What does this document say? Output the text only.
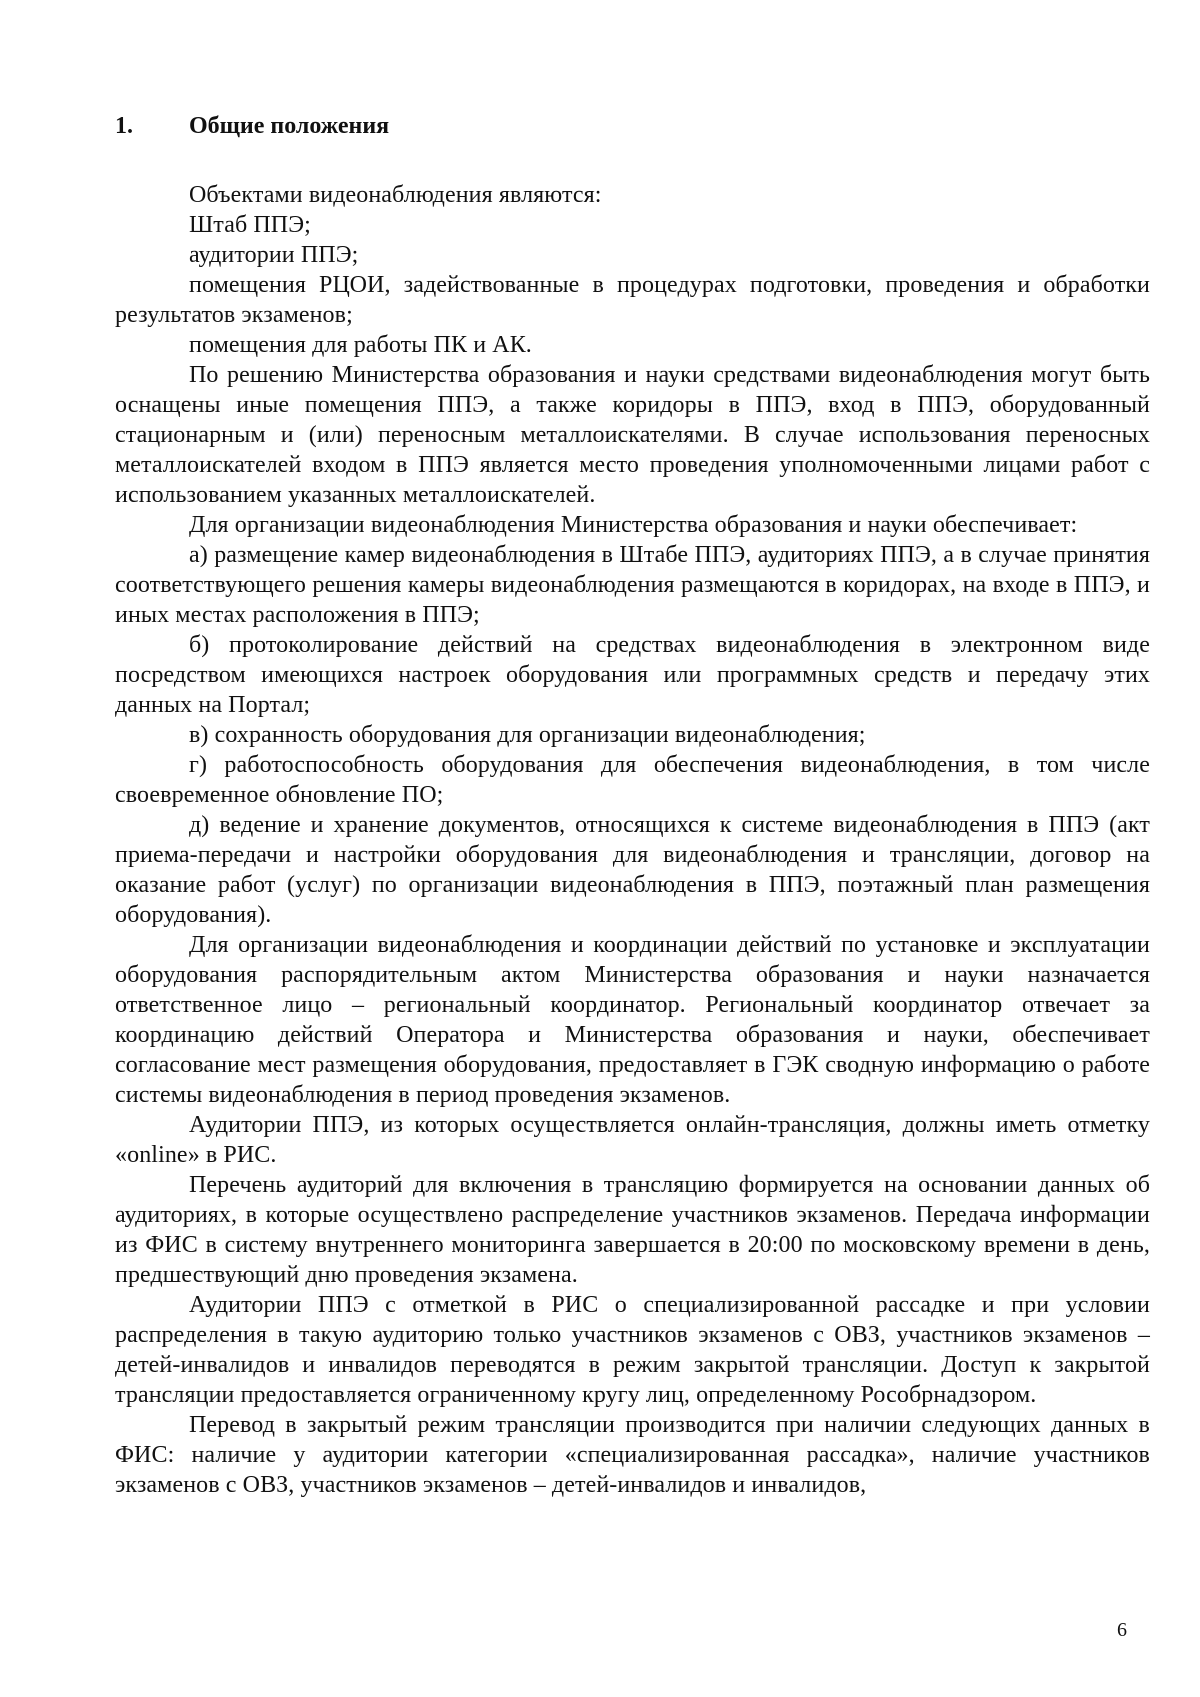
1.	Общие положения

Объектами видеонаблюдения являются:

Штаб ППЭ;

аудитории ППЭ;

помещения РЦОИ, задействованные в процедурах подготовки, проведения и обработки результатов экзаменов;

помещения для работы ПК и АК.

По решению Министерства образования и науки средствами видеонаблюдения могут быть оснащены иные помещения ППЭ, а также коридоры в ППЭ, вход в ППЭ, оборудованный стационарным и (или) переносным металлоискателями. В случае использования переносных металлоискателей входом в ППЭ является место проведения уполномоченными лицами работ с использованием указанных металлоискателей.

Для организации видеонаблюдения Министерства образования и науки обеспечивает:

а) размещение камер видеонаблюдения в Штабе ППЭ, аудиториях ППЭ, а в случае принятия соответствующего решения камеры видеонаблюдения размещаются в коридорах, на входе в ППЭ, и иных местах расположения в ППЭ;

б) протоколирование действий на средствах видеонаблюдения в электронном виде посредством имеющихся настроек оборудования или программных средств и передачу этих данных на Портал;

в) сохранность оборудования для организации видеонаблюдения;

г) работоспособность оборудования для обеспечения видеонаблюдения, в том числе своевременное обновление ПО;

д) ведение и хранение документов, относящихся к системе видеонаблюдения в ППЭ (акт приема-передачи и настройки оборудования для видеонаблюдения и трансляции, договор на оказание работ (услуг) по организации видеонаблюдения в ППЭ, поэтажный план размещения оборудования).

Для организации видеонаблюдения и координации действий по установке и эксплуатации оборудования распорядительным актом Министерства образования и науки назначается ответственное лицо – региональный координатор. Региональный координатор отвечает за координацию действий Оператора и Министерства образования и науки, обеспечивает согласование мест размещения оборудования, предоставляет в ГЭК сводную информацию о работе системы видеонаблюдения в период проведения экзаменов.

Аудитории ППЭ, из которых осуществляется онлайн-трансляция, должны иметь отметку «online» в РИС.

Перечень аудиторий для включения в трансляцию формируется на основании данных об аудиториях, в которые осуществлено распределение участников экзаменов. Передача информации из ФИС в систему внутреннего мониторинга завершается в 20:00 по московскому времени в день, предшествующий дню проведения экзамена.

Аудитории ППЭ с отметкой в РИС о специализированной рассадке и при условии распределения в такую аудиторию только участников экзаменов с ОВЗ, участников экзаменов – детей-инвалидов и инвалидов переводятся в режим закрытой трансляции. Доступ к закрытой трансляции предоставляется ограниченному кругу лиц, определенному Рособрнадзором.

Перевод в закрытый режим трансляции производится при наличии следующих данных в ФИС: наличие у аудитории категории «специализированная рассадка», наличие участников экзаменов с ОВЗ, участников экзаменов – детей-инвалидов и инвалидов,

6
